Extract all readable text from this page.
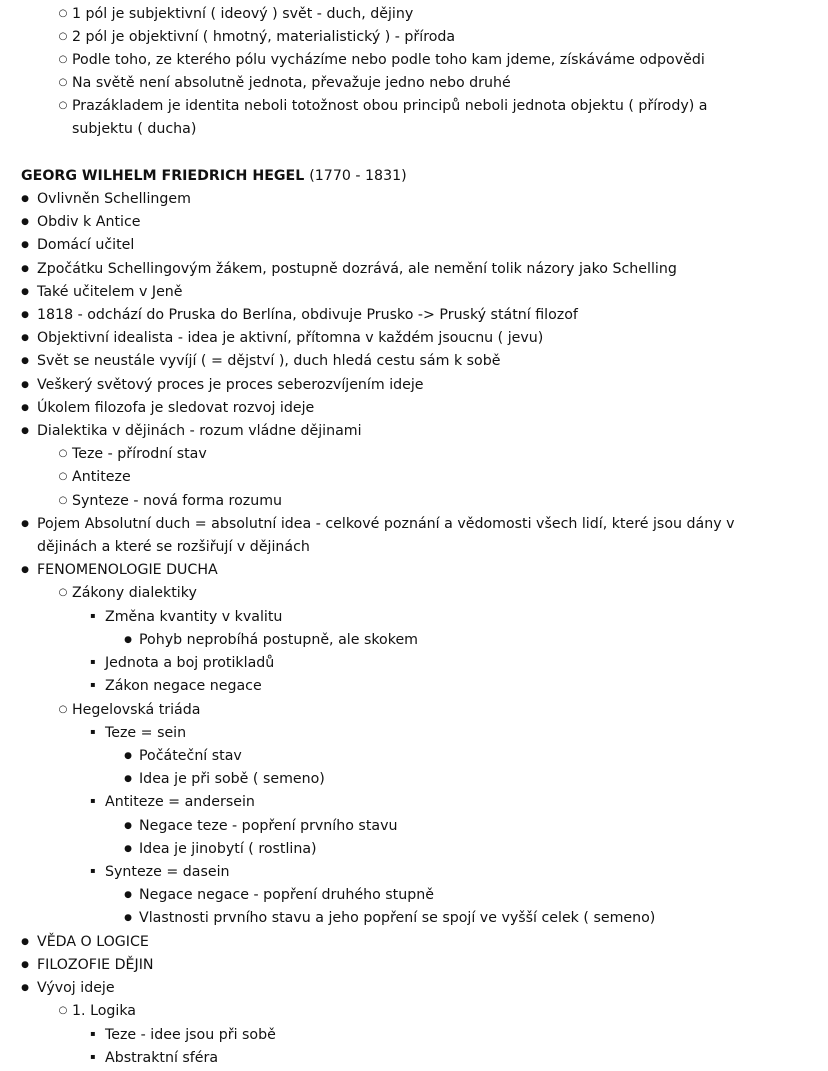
○
1 pól je subjektivní ( ideový ) svět - duch, dějiny
○
2 pól je objektivní ( hmotný, materialistický ) - příroda
○
Podle toho, ze kterého pólu vycházíme nebo podle toho kam jdeme, získáváme odpovědi
○
Na světě není absolutně jednota, převažuje jedno nebo druhé
○
Prazákladem je identita neboli totožnost obou principů neboli jednota objektu ( přírody) a
subjektu ( ducha)
GEORG WILHELM FRIEDRICH HEGEL (1770 - 1831)
●
Ovlivněn Schellingem
●
Obdiv k Antice
●
Domácí učitel
●
Zpočátku Schellingovým žákem, postupně dozrává, ale nemění tolik názory jako Schelling
●
Také učitelem v Jeně
●
1818 - odchází do Pruska do Berlína, obdivuje Prusko -> Pruský státní filozof
●
Objektivní idealista - idea je aktivní, přítomna v každém jsoucnu ( jevu)
●
Svět se neustále vyvíjí ( = dějství ), duch hledá cestu sám k sobě
●
Veškerý světový proces je proces seberozvíjením ideje
●
Úkolem filozofa je sledovat rozvoj ideje
●
Dialektika v dějinách - rozum vládne dějinami
○
Teze - přírodní stav
○
Antiteze
○
Synteze - nová forma rozumu
●
Pojem Absolutní duch = absolutní idea - celkové poznání a vědomosti všech lidí, které jsou dány v
dějinách a které se rozšiřují v dějinách
●
FENOMENOLOGIE DUCHA
○
Zákony dialektiky
▪
Změna kvantity v kvalitu
●
Pohyb neprobíhá postupně, ale skokem
▪
Jednota a boj protikladů
▪
Zákon negace negace
○
Hegelovská triáda
▪
Teze = sein
●
Počáteční stav
●
Idea je při sobě ( semeno)
▪
Antiteze = andersein
●
Negace teze - popření prvního stavu
●
Idea je jinobytí ( rostlina)
▪
Synteze = dasein
●
Negace negace - popření druhého stupně
●
Vlastnosti prvního stavu a jeho popření se spojí ve vyšší celek ( semeno)
●
VĚDA O LOGICE
●
FILOZOFIE DĚJIN
●
Vývoj ideje
○
1. Logika
▪
Teze - idee jsou při sobě
▪
Abstraktní sféra
